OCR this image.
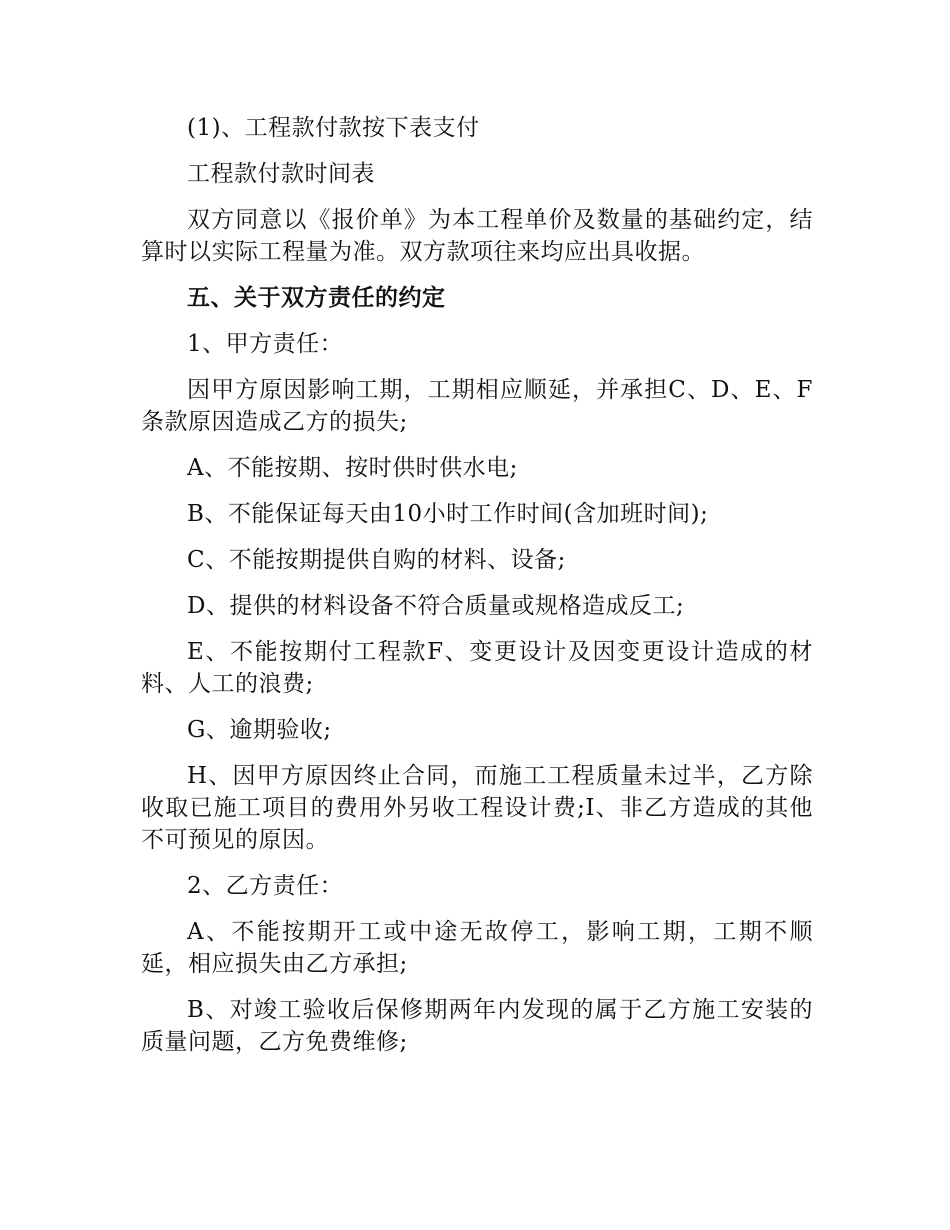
(1)、工程款付款按下表支付

工程款付款时间表

双方同意以《报价单》为本工程单价及数量的基础约定，结算时以实际工程量为准。双方款项往来均应出具收据。

五、关于双方责任的约定

1、甲方责任：

因甲方原因影响工期，工期相应顺延，并承担C、D、E、F条款原因造成乙方的损失;

A、不能按期、按时供时供水电;

B、不能保证每天由10小时工作时间(含加班时间);

C、不能按期提供自购的材料、设备;

D、提供的材料设备不符合质量或规格造成反工;

E、不能按期付工程款F、变更设计及因变更设计造成的材料、人工的浪费;

G、逾期验收;

H、因甲方原因终止合同，而施工工程质量未过半，乙方除收取已施工项目的费用外另收工程设计费;I、非乙方造成的其他不可预见的原因。

2、乙方责任：

A、不能按期开工或中途无故停工，影响工期，工期不顺延，相应损失由乙方承担;

B、对竣工验收后保修期两年内发现的属于乙方施工安装的质量问题，乙方免费维修;
